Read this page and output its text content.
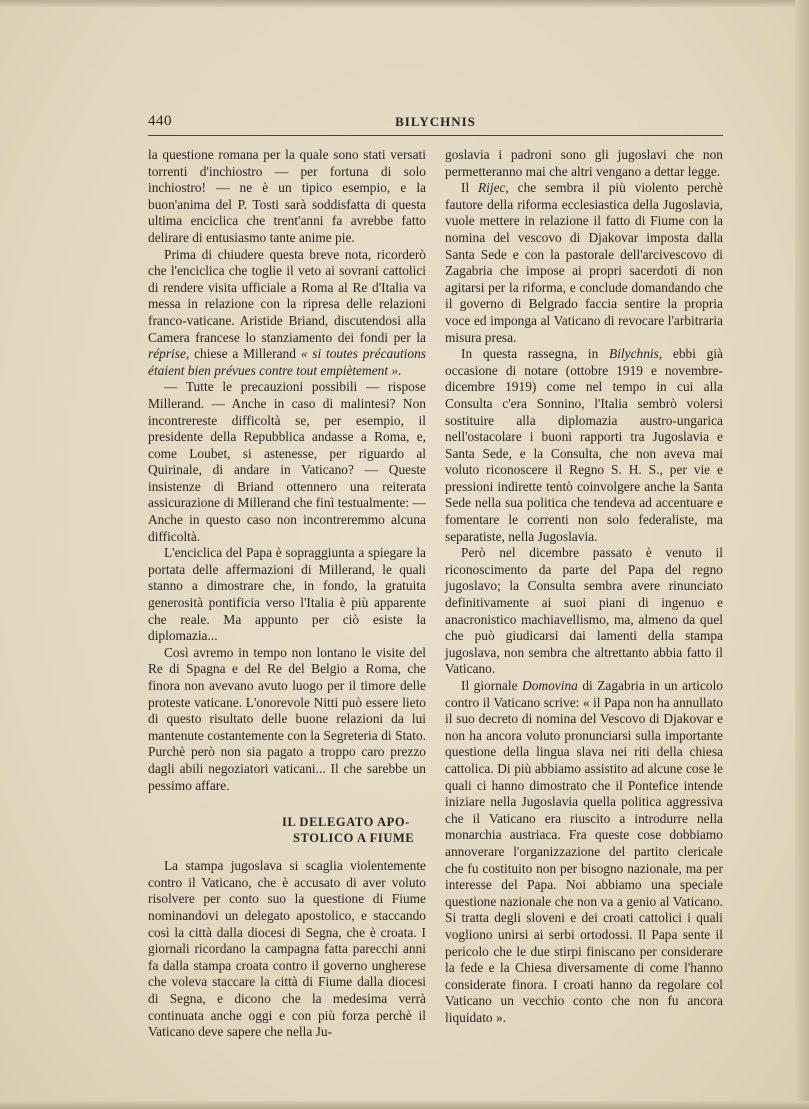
440	BILYCHNIS

la questione romana per la quale sono stati versati torrenti d'inchiostro — per fortuna di solo inchiostro! — ne è un tipico esempio, e la buon'anima del P. Tosti sarà soddisfatta di questa ultima enciclica che trent'anni fa avrebbe fatto delirare di entusiasmo tante anime pie.

Prima di chiudere questa breve nota, ricorderò che l'enciclica che toglie il veto ai sovrani cattolici di rendere visita ufficiale a Roma al Re d'Italia va messa in relazione con la ripresa delle relazioni franco-vaticane. Aristide Briand, discutendosi alla Camera francese lo stanziamento dei fondi per la réprise, chiese a Millerand « si toutes précautions étaient bien prévues contre tout empiètement ».

— Tutte le precauzioni possibili — rispose Millerand. — Anche in caso di malintesi? Non incontrereste difficoltà se, per esempio, il presidente della Repubblica andasse a Roma, e, come Loubet, si astenesse, per riguardo al Quirinale, di andare in Vaticano? — Queste insistenze di Briand ottennero una reiterata assicurazione di Millerand che finì testualmente: — Anche in questo caso non incontreremmo alcuna difficoltà.

L'enciclica del Papa è sopraggiunta a spiegare la portata delle affermazioni di Millerand, le quali stanno a dimostrare che, in fondo, la gratuita generosità pontificia verso l'Italia è più apparente che reale. Ma appunto per ciò esiste la diplomazia...

Così avremo in tempo non lontano le visite del Re di Spagna e del Re del Belgio a Roma, che finora non avevano avuto luogo per il timore delle proteste vaticane. L'onorevole Nitti può essere lieto di questo risultato delle buone relazioni da lui mantenute costantemente con la Segreteria di Stato. Purchè però non sia pagato a troppo caro prezzo dagli abili negoziatori vaticani... Il che sarebbe un pessimo affare.

IL DELEGATO APO-
STOLICO A FIUME

La stampa jugoslava si scaglia violentemente contro il Vaticano, che è accusato di aver voluto risolvere per conto suo la questione di Fiume nominandovi un delegato apostolico, e staccando così la città dalla diocesi di Segna, che è croata. I giornali ricordano la campagna fatta parecchi anni fa dalla stampa croata contro il governo ungherese che voleva staccare la città di Fiume dalla diocesi di Segna, e dicono che la medesima verrà continuata anche oggi e con più forza perchè il Vaticano deve sapere che nella Ju-

goslavia i padroni sono gli jugoslavi che non permetteranno mai che altri vengano a dettar legge.

Il Rijec, che sembra il più violento perchè fautore della riforma ecclesiastica della Jugoslavia, vuole mettere in relazione il fatto di Fiume con la nomina del vescovo di Djakovar imposta dalla Santa Sede e con la pastorale dell'arcivescovo di Zagabria che impose ai propri sacerdoti di non agitarsi per la riforma, e conclude domandando che il governo di Belgrado faccia sentire la propria voce ed imponga al Vaticano di revocare l'arbitraria misura presa.

In questa rassegna, in Bilychnis, ebbi già occasione di notare (ottobre 1919 e novembre-dicembre 1919) come nel tempo in cui alla Consulta c'era Sonnino, l'Italia sembrò volersi sostituire alla diplomazia austro-ungarica nell'ostacolare i buoni rapporti tra Jugoslavia e Santa Sede, e la Consulta, che non aveva mai voluto riconoscere il Regno S. H. S., per vie e pressioni indirette tentò coinvolgere anche la Santa Sede nella sua politica che tendeva ad accentuare e fomentare le correnti non solo federaliste, ma separatiste, nella Jugoslavia.

Però nel dicembre passato è venuto il riconoscimento da parte del Papa del regno jugoslavo; la Consulta sembra avere rinunciato definitivamente ai suoi piani di ingenuo e anacronistico machiavellismo, ma, almeno da quel che può giudicarsi dai lamenti della stampa jugoslava, non sembra che altrettanto abbia fatto il Vaticano.

Il giornale Domovina di Zagabria in un articolo contro il Vaticano scrive: « il Papa non ha annullato il suo decreto di nomina del Vescovo di Djakovar e non ha ancora voluto pronunciarsi sulla importante questione della lingua slava nei riti della chiesa cattolica. Di più abbiamo assistito ad alcune cose le quali ci hanno dimostrato che il Pontefice intende iniziare nella Jugoslavia quella politica aggressiva che il Vaticano era riuscito a introdurre nella monarchia austriaca. Fra queste cose dobbiamo annoverare l'organizzazione del partito clericale che fu costituito non per bisogno nazionale, ma per interesse del Papa. Noi abbiamo una speciale questione nazionale che non va a genio al Vaticano. Si tratta degli sloveni e dei croati cattolici i quali vogliono unirsi ai serbi ortodossi. Il Papa sente il pericolo che le due stirpi finiscano per considerare la fede e la Chiesa diversamente di come l'hanno considerate finora. I croati hanno da regolare col Vaticano un vecchio conto che non fu ancora liquidato ».
